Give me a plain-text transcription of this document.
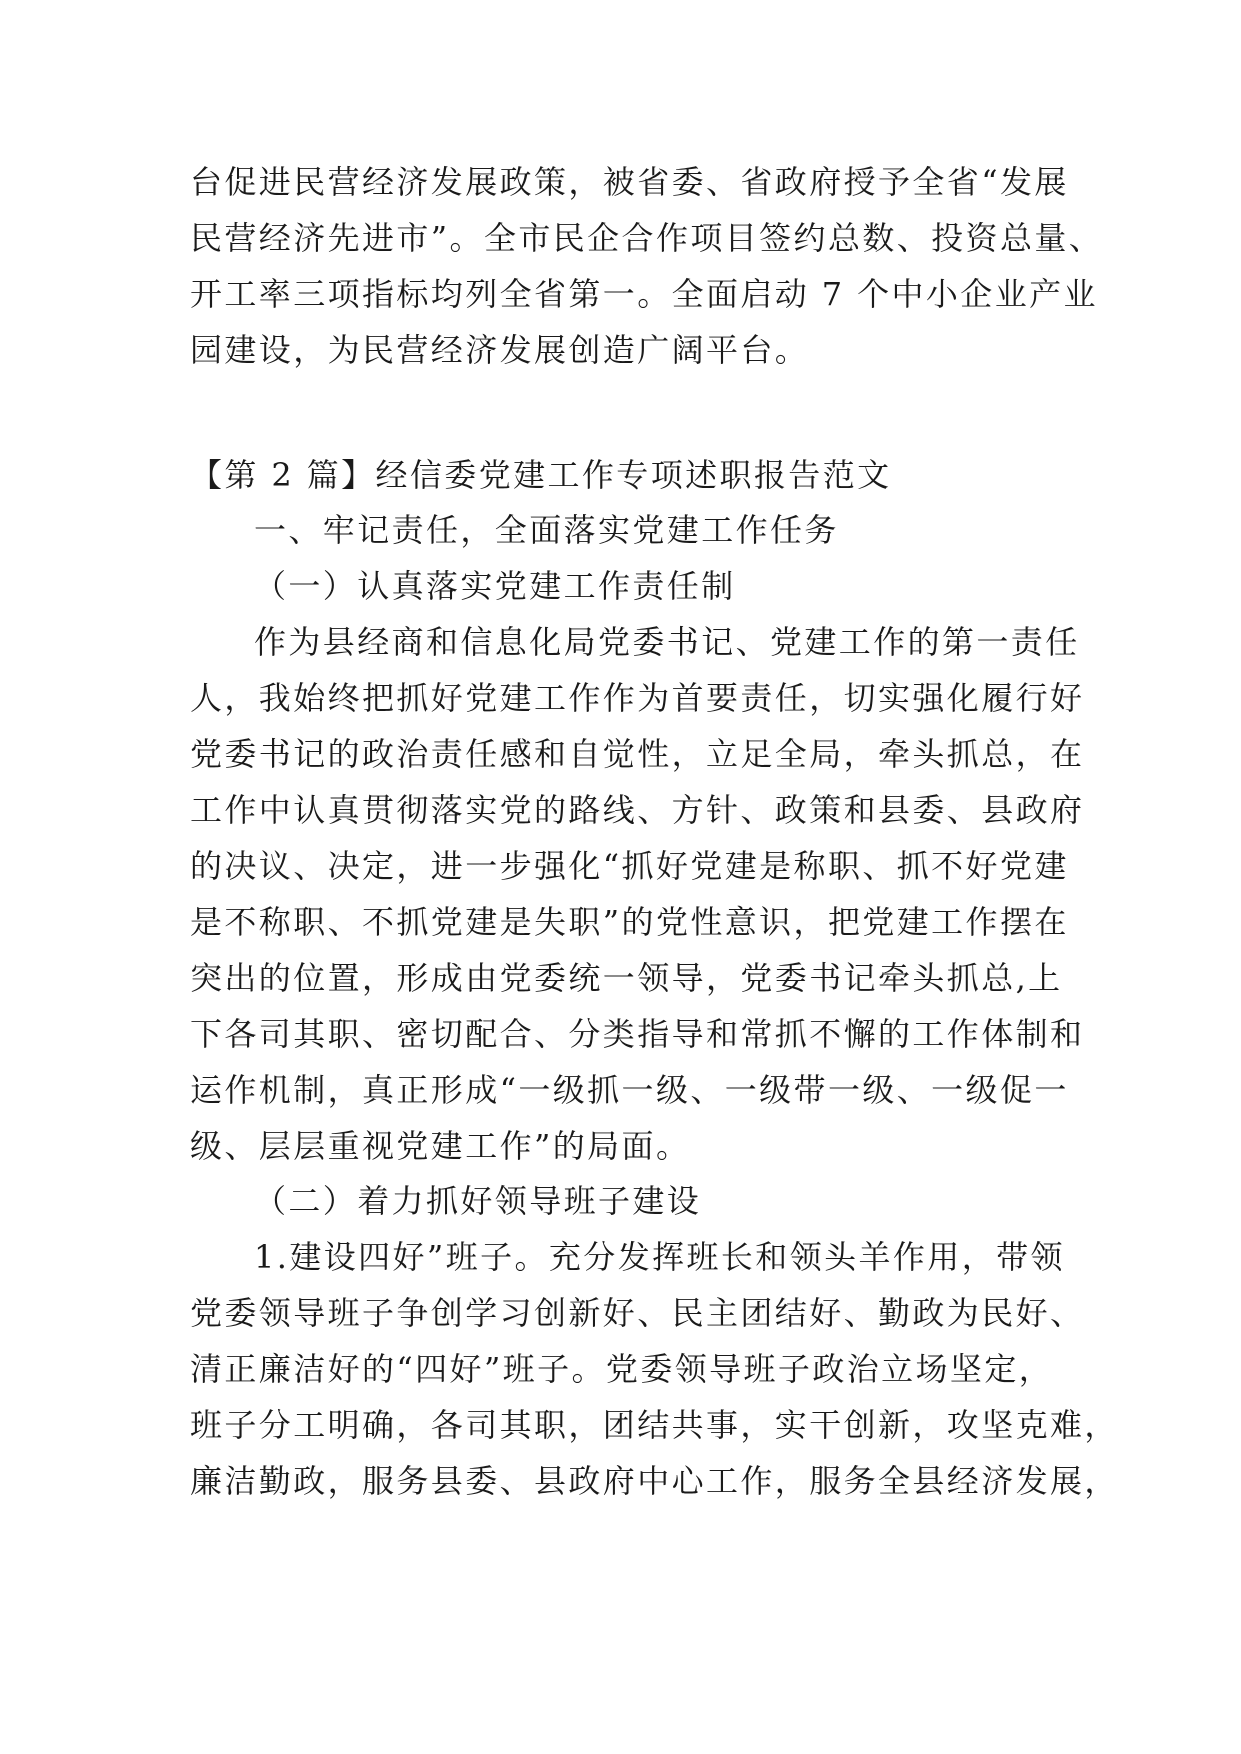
台促进民营经济发展政策，被省委、省政府授予全省“发展
民营经济先进市”。全市民企合作项目签约总数、投资总量、
开工率三项指标均列全省第一。全面启动 7 个中小企业产业
园建设，为民营经济发展创造广阔平台。
【第 2 篇】经信委党建工作专项述职报告范文
一、牢记责任，全面落实党建工作任务
（一）认真落实党建工作责任制
作为县经商和信息化局党委书记、党建工作的第一责任
人，我始终把抓好党建工作作为首要责任，切实强化履行好
党委书记的政治责任感和自觉性，立足全局，牵头抓总，在
工作中认真贯彻落实党的路线、方针、政策和县委、县政府
的决议、决定，进一步强化“抓好党建是称职、抓不好党建
是不称职、不抓党建是失职”的党性意识，把党建工作摆在
突出的位置，形成由党委统一领导，党委书记牵头抓总,上
下各司其职、密切配合、分类指导和常抓不懈的工作体制和
运作机制，真正形成“一级抓一级、一级带一级、一级促一
级、层层重视党建工作”的局面。
（二）着力抓好领导班子建设
1.建设四好”班子。充分发挥班长和领头羊作用，带领
党委领导班子争创学习创新好、民主团结好、勤政为民好、
清正廉洁好的“四好”班子。党委领导班子政治立场坚定，
班子分工明确，各司其职，团结共事，实干创新，攻坚克难，
廉洁勤政，服务县委、县政府中心工作，服务全县经济发展，
